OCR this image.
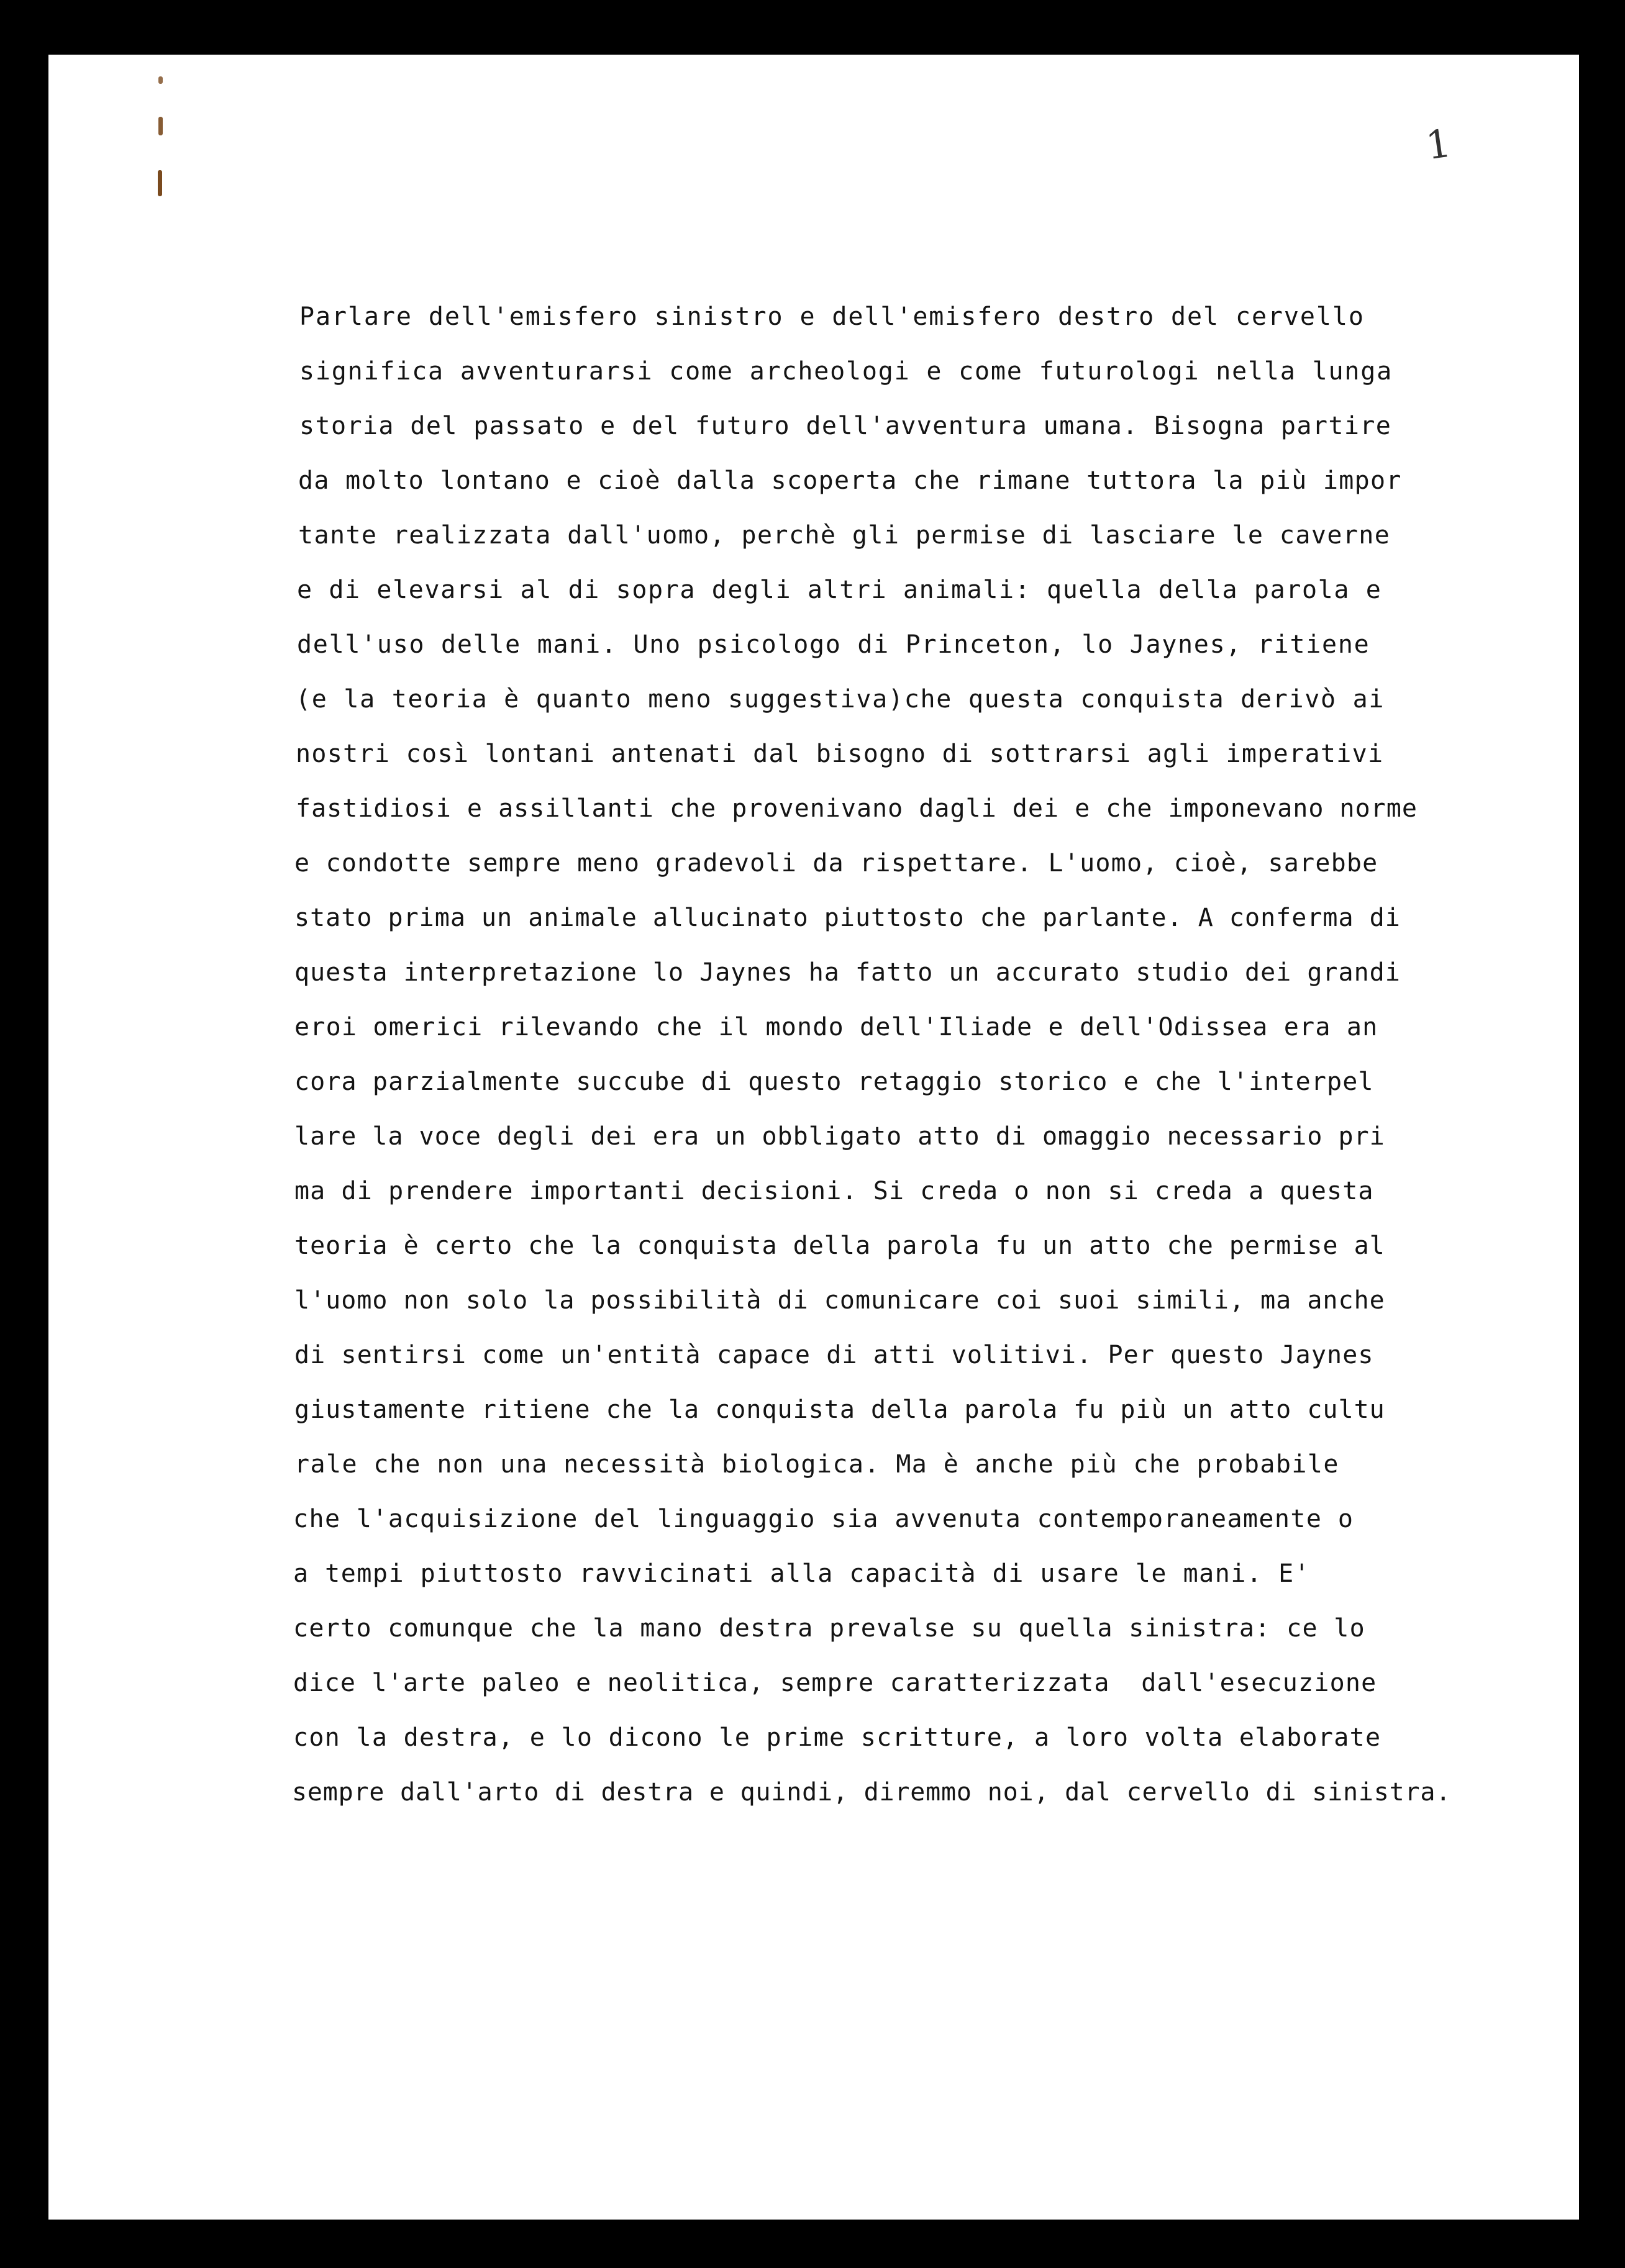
1

Parlare dell'emisfero sinistro e dell'emisfero destro del cervello

significa avventurarsi come archeologi e come futurologi nella lunga

storia del passato e del futuro dell'avventura umana. Bisogna partire

da molto lontano e cioè dalla scoperta che rimane tuttora la più impor

tante realizzata dall'uomo, perchè gli permise di lasciare le caverne

e di elevarsi al di sopra degli altri animali: quella della parola e

dell'uso delle mani. Uno psicologo di Princeton, lo Jaynes, ritiene

(e la teoria è quanto meno suggestiva)che questa conquista derivò ai

nostri così lontani antenati dal bisogno di sottrarsi agli imperativi

fastidiosi e assillanti che provenivano dagli dei e che imponevano norme

e condotte sempre meno gradevoli da rispettare. L'uomo, cioè, sarebbe

stato prima un animale allucinato piuttosto che parlante. A conferma di

questa interpretazione lo Jaynes ha fatto un accurato studio dei grandi

eroi omerici rilevando che il mondo dell'Iliade e dell'Odissea era an

cora parzialmente succube di questo retaggio storico e che l'interpel

lare la voce degli dei era un obbligato atto di omaggio necessario pri

ma di prendere importanti decisioni. Si creda o non si creda a questa

teoria è certo che la conquista della parola fu un atto che permise al

l'uomo non solo la possibilità di comunicare coi suoi simili, ma anche

di sentirsi come un'entità capace di atti volitivi. Per questo Jaynes

giustamente ritiene che la conquista della parola fu più un atto cultu

rale che non una necessità biologica. Ma è anche più che probabile

che l'acquisizione del linguaggio sia avvenuta contemporaneamente o

a tempi piuttosto ravvicinati alla capacità di usare le mani. E'

certo comunque che la mano destra prevalse su quella sinistra: ce lo

dice l'arte paleo e neolitica, sempre caratterizzata  dall'esecuzione

con la destra, e lo dicono le prime scritture, a loro volta elaborate

sempre dall'arto di destra e quindi, diremmo noi, dal cervello di sinistra.
